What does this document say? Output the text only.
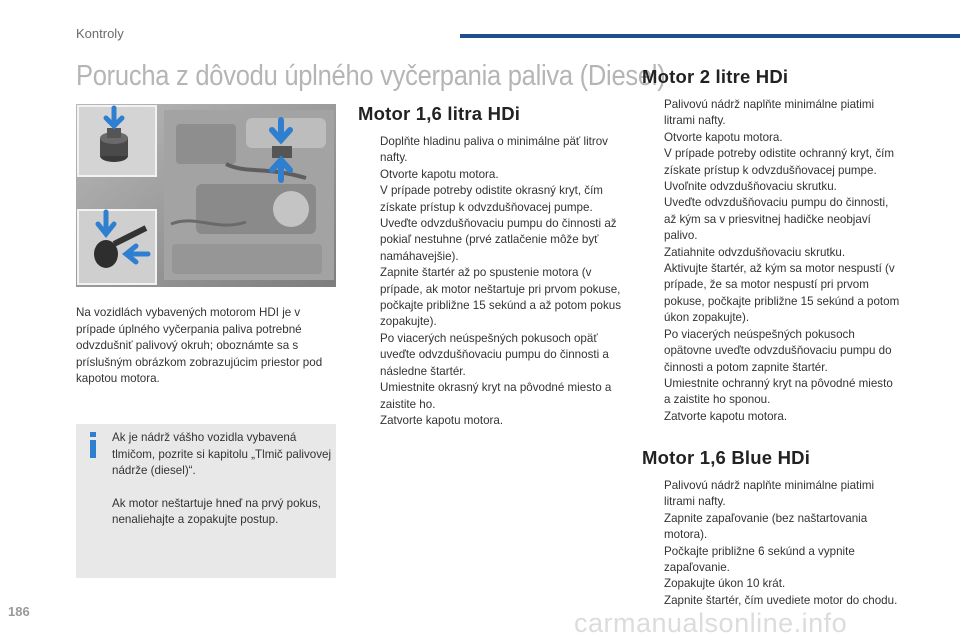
Kontroly
Porucha z dôvodu úplného vyčerpania paliva (Diesel)
Na vozidlách vybavených motorom HDI je v prípade úplného vyčerpania paliva potrebné odvzdušniť palivový okruh; oboznámte sa s príslušným obrázkom zobrazujúcim priestor pod kapotou motora.

Ak je nádrž vášho vozidla vybavená tlmičom, pozrite si kapitolu „Tlmič palivovej nádrže (diesel)“.

Ak motor neštartuje hneď na prvý pokus, nenaliehajte a zopakujte postup.

Motor 1,6 litra HDi
Doplňte hladinu paliva o minimálne päť litrov nafty.
Otvorte kapotu motora.
V prípade potreby odistite okrasný kryt, čím získate prístup k odvzdušňovacej pumpe.
Uveďte odvzdušňovaciu pumpu do činnosti až pokiaľ nestuhne (prvé zatlačenie môže byť namáhavejšie).
Zapnite štartér až po spustenie motora (v prípade, ak motor neštartuje pri prvom pokuse, počkajte približne 15 sekúnd a až potom pokus zopakujte).
Po viacerých neúspešných pokusoch opäť uveďte odvzdušňovaciu pumpu do činnosti a následne štartér.
Umiestnite okrasný kryt na pôvodné miesto a zaistite ho.
Zatvorte kapotu motora.
Motor 2 litre HDi
Palivovú nádrž naplňte minimálne piatimi litrami nafty.
Otvorte kapotu motora.
V prípade potreby odistite ochranný kryt, čím získate prístup k odvzdušňovacej pumpe.
Uvoľnite odvzdušňovaciu skrutku.
Uveďte odvzdušňovaciu pumpu do činnosti, až kým sa v priesvitnej hadičke neobjaví palivo.
Zatiahnite odvzdušňovaciu skrutku.
Aktivujte štartér, až kým sa motor nespustí (v prípade, že sa motor nespustí pri prvom pokuse, počkajte približne 15 sekúnd a potom úkon zopakujte).
Po viacerých neúspešných pokusoch opätovne uveďte odvzdušňovaciu pumpu do činnosti a potom zapnite štartér.
Umiestnite ochranný kryt na pôvodné miesto a zaistite ho sponou.
Zatvorte kapotu motora.
Motor 1,6 Blue HDi
Palivovú nádrž naplňte minimálne piatimi litrami nafty.
Zapnite zapaľovanie (bez naštartovania motora).
Počkajte približne 6 sekúnd a vypnite zapaľovanie.
Zopakujte úkon 10 krát.
Zapnite štartér, čím uvediete motor do chodu.
186	carmanualsonline.info
